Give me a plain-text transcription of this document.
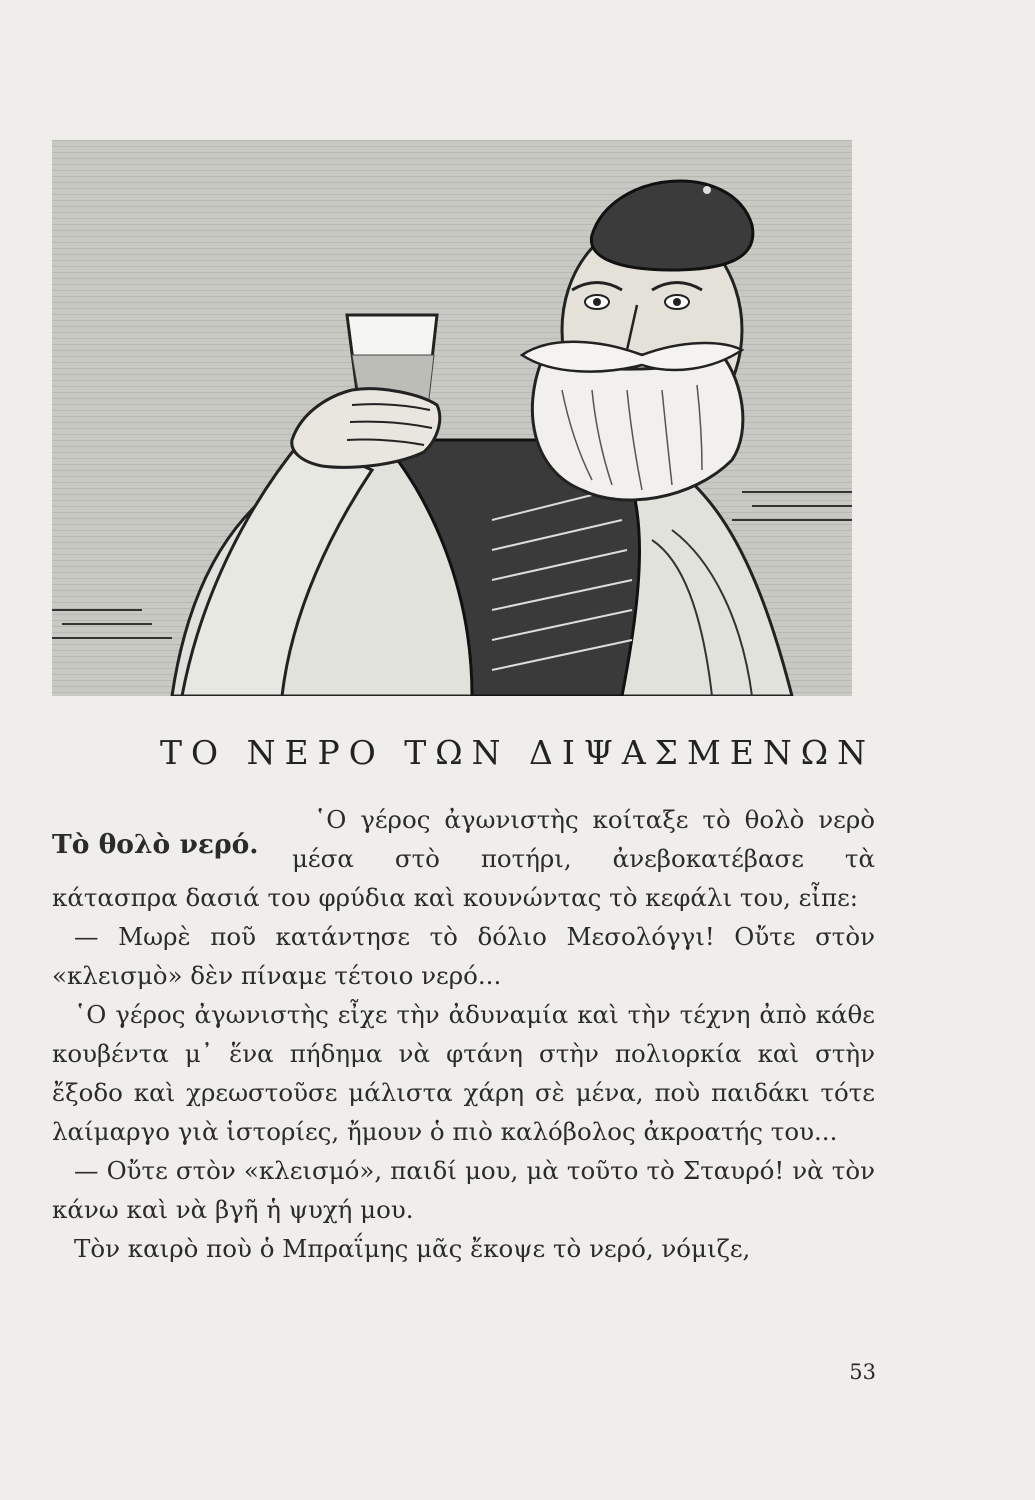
ΤΟ ΝΕΡΟ ΤΩΝ ΔΙΨΑΣΜΕΝΩΝ
Τὸ θολὸ νερό.

῾Ο γέρος ἀγωνιστὴς κοίταξε τὸ θολὸ νερὸ μέσα στὸ ποτήρι, ἀνεβοκατέβασε τὰ κάτασπρα δασιά του φρύδια καὶ κουνώντας τὸ κεφάλι του, εἶπε:

— Μωρὲ ποῦ κατάντησε τὸ δόλιο Μεσολόγγι! Οὔτε στὸν «κλεισμὸ» δὲν πίναμε τέτοιο νερό...

῾Ο γέρος ἀγωνιστὴς εἶχε τὴν ἀδυναμία καὶ τὴν τέχνη ἀπὸ κάθε κουβέντα μ᾽ ἕνα πήδημα νὰ φτάνη στὴν πολιορκία καὶ στὴν ἔξοδο καὶ χρεωστοῦσε μάλιστα χάρη σὲ μένα, ποὺ παιδάκι τότε λαίμαργο γιὰ ἱστορίες, ἤμουν ὁ πιὸ καλόβολος ἀκροατής του...

— Οὔτε στὸν «κλεισμό», παιδί μου, μὰ τοῦτο τὸ Σταυρό! νὰ τὸν κάνω καὶ νὰ βγῆ ἡ ψυχή μου.

Τὸν καιρὸ ποὺ ὁ Μπραΐμης μᾶς ἔκοψε τὸ νερό, νόμιζε,

53
